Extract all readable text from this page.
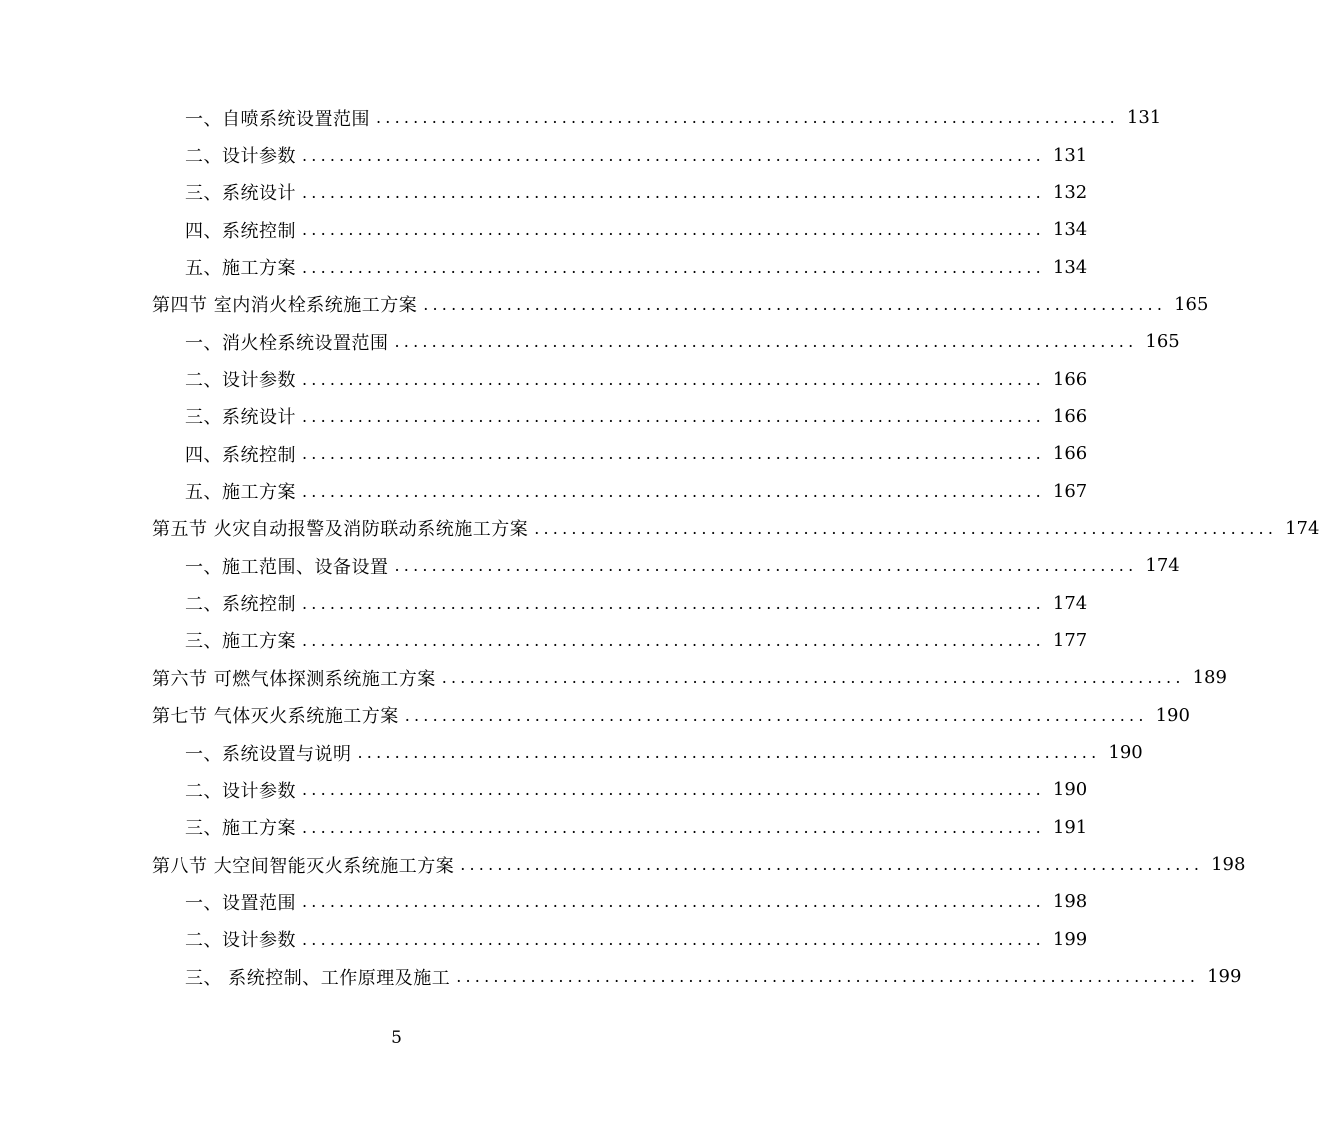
一、自喷系统设置范围 ................................................................................ 131
二、设计参数 ................................................................................ 131
三、系统设计 ................................................................................ 132
四、系统控制 ................................................................................ 134
五、施工方案 ................................................................................ 134
第四节 室内消火栓系统施工方案 ................................................................................ 165
一、消火栓系统设置范围 ................................................................................ 165
二、设计参数 ................................................................................ 166
三、系统设计 ................................................................................ 166
四、系统控制 ................................................................................ 166
五、施工方案 ................................................................................ 167
第五节 火灾自动报警及消防联动系统施工方案 ................................................................................ 174
一、施工范围、设备设置 ................................................................................ 174
二、系统控制 ................................................................................ 174
三、施工方案 ................................................................................ 177
第六节 可燃气体探测系统施工方案 ................................................................................ 189
第七节 气体灭火系统施工方案 ................................................................................ 190
一、系统设置与说明 ................................................................................ 190
二、设计参数 ................................................................................ 190
三、施工方案 ................................................................................ 191
第八节 大空间智能灭火系统施工方案 ................................................................................ 198
一、设置范围 ................................................................................ 198
二、设计参数 ................................................................................ 199
三、 系统控制、工作原理及施工 ................................................................................ 199
5
